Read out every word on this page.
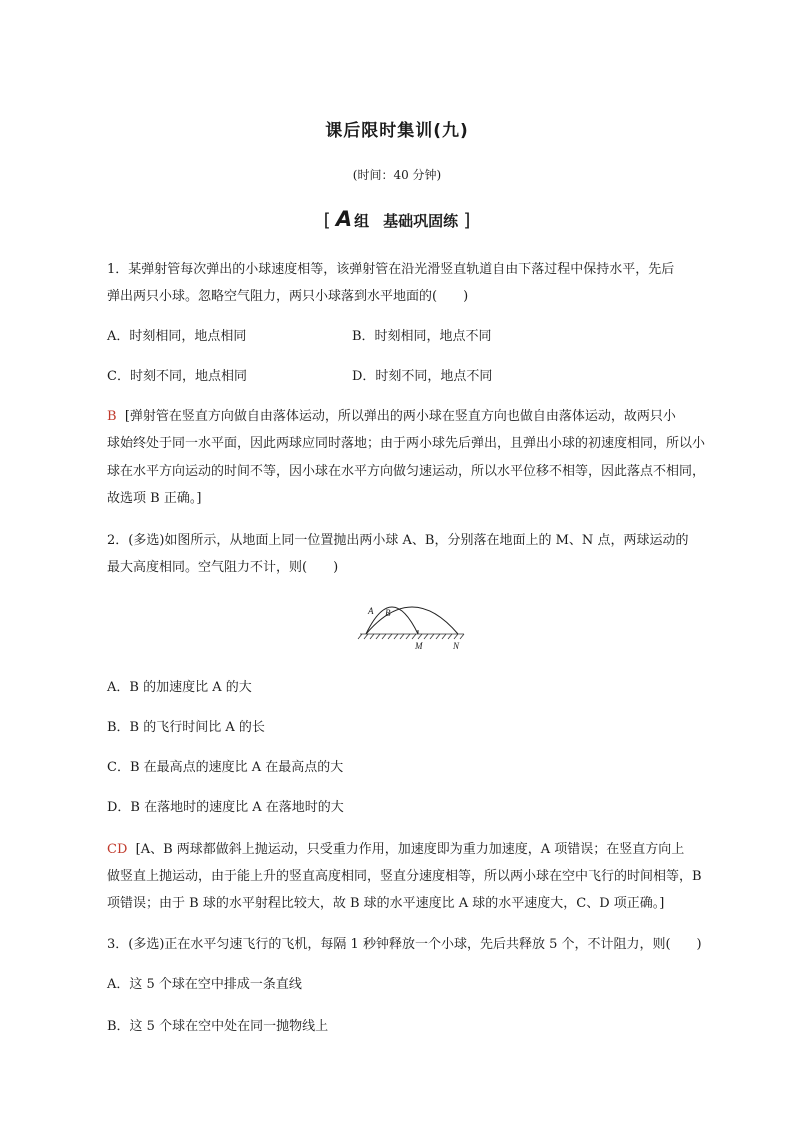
课后限时集训(九)
(时间：40 分钟)
[ A 组 基础巩固练 ]
1．某弹射管每次弹出的小球速度相等，该弹射管在沿光滑竖直轨道自由下落过程中保持水平，先后
弹出两只小球。忽略空气阻力，两只小球落到水平地面的(　　)
A．时刻相同，地点相同	B．时刻相同，地点不同
C．时刻不同，地点相同	D．时刻不同，地点不同
B [弹射管在竖直方向做自由落体运动，所以弹出的两小球在竖直方向也做自由落体运动，故两只小
球始终处于同一水平面，因此两球应同时落地；由于两小球先后弹出，且弹出小球的初速度相同，所以小
球在水平方向运动的时间不等，因小球在水平方向做匀速运动，所以水平位移不相等，因此落点不相同，
故选项 B 正确。]
2．(多选)如图所示，从地面上同一位置抛出两小球 A、B，分别落在地面上的 M、N 点，两球运动的
最大高度相同。空气阻力不计，则(　　)
A B
M	N
A．B 的加速度比 A 的大
B．B 的飞行时间比 A 的长
C．B 在最高点的速度比 A 在最高点的大
D．B 在落地时的速度比 A 在落地时的大
CD [A、B 两球都做斜上抛运动，只受重力作用，加速度即为重力加速度，A 项错误；在竖直方向上
做竖直上抛运动，由于能上升的竖直高度相同，竖直分速度相等，所以两小球在空中飞行的时间相等，B
项错误；由于 B 球的水平射程比较大，故 B 球的水平速度比 A 球的水平速度大，C、D 项正确。]
3．(多选)正在水平匀速飞行的飞机，每隔 1 秒钟释放一个小球，先后共释放 5 个，不计阻力，则(　　)
A．这 5 个球在空中排成一条直线
B．这 5 个球在空中处在同一抛物线上
